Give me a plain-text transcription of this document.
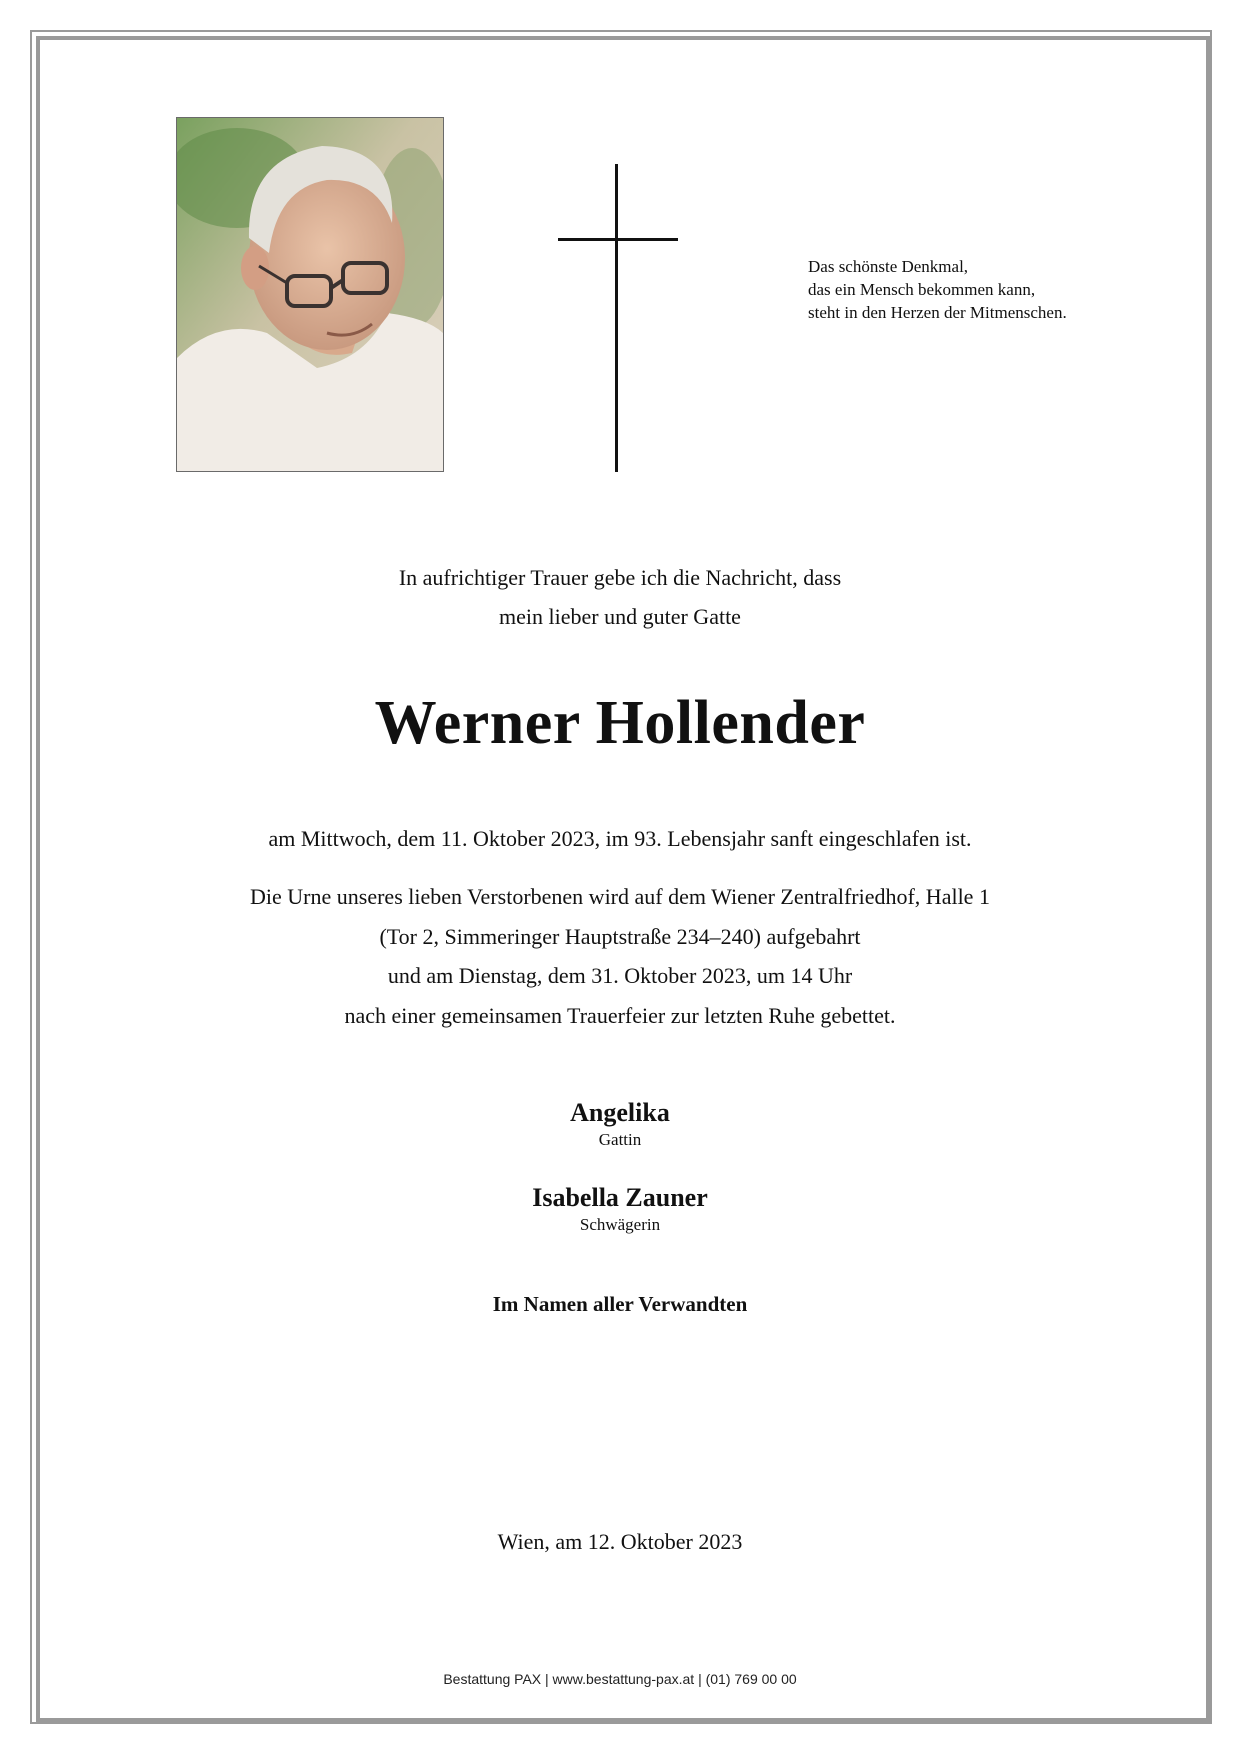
Das schönste Denkmal,
das ein Mensch bekommen kann,
steht in den Herzen der Mitmenschen.
In aufrichtiger Trauer gebe ich die Nachricht, dass
mein lieber und guter Gatte
Werner Hollender
am Mittwoch, dem 11. Oktober 2023, im 93. Lebensjahr sanft eingeschlafen ist.
Die Urne unseres lieben Verstorbenen wird auf dem Wiener Zentralfriedhof, Halle 1
(Tor 2, Simmeringer Hauptstraße 234–240) aufgebahrt
und am Dienstag, dem 31. Oktober 2023, um 14 Uhr
nach einer gemeinsamen Trauerfeier zur letzten Ruhe gebettet.
Angelika
Gattin
Isabella Zauner
Schwägerin
Im Namen aller Verwandten
Wien, am 12. Oktober 2023
Bestattung PAX | www.bestattung-pax.at | (01) 769 00 00
